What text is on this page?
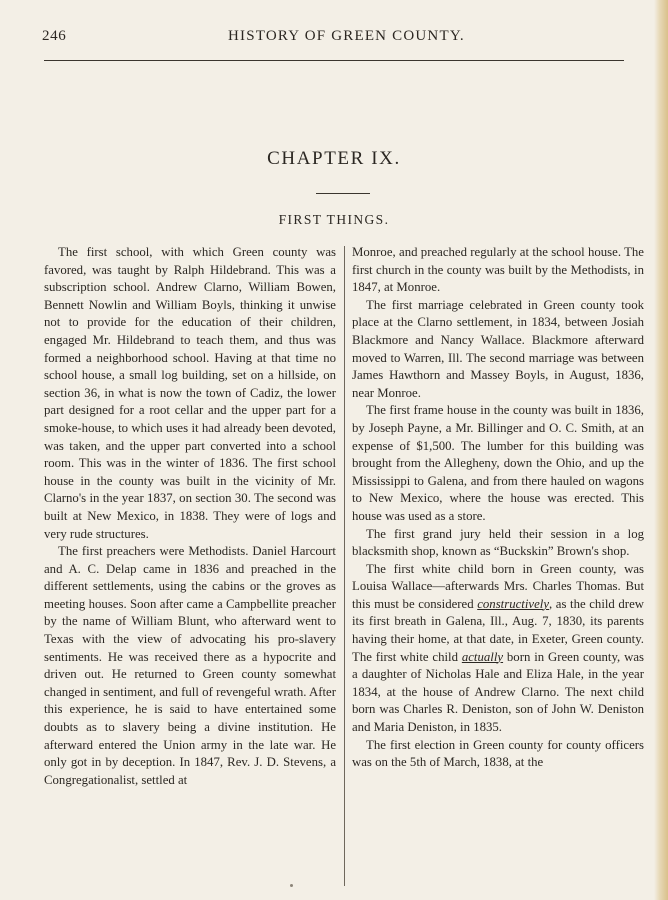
246	HISTORY OF GREEN COUNTY.
CHAPTER IX.
FIRST THINGS.

The first school, with which Green county was favored, was taught by Ralph Hildebrand. This was a subscription school. Andrew Clarno, William Bowen, Bennett Nowlin and William Boyls, thinking it unwise not to provide for the education of their children, engaged Mr. Hildebrand to teach them, and thus was formed a neighborhood school. Having at that time no school house, a small log building, set on a hillside, on section 36, in what is now the town of Cadiz, the lower part designed for a root cellar and the upper part for a smoke-house, to which uses it had already been devoted, was taken, and the upper part converted into a school room. This was in the winter of 1836. The first school house in the county was built in the vicinity of Mr. Clarno's in the year 1837, on section 30. The second was built at New Mexico, in 1838. They were of logs and very rude structures.

The first preachers were Methodists. Daniel Harcourt and A. C. Delap came in 1836 and preached in the different settlements, using the cabins or the groves as meeting houses. Soon after came a Campbellite preacher by the name of William Blunt, who afterward went to Texas with the view of advocating his pro-slavery sentiments. He was received there as a hypocrite and driven out. He returned to Green county somewhat changed in sentiment, and full of revengeful wrath. After this experience, he is said to have entertained some doubts as to slavery being a divine institution. He afterward entered the Union army in the late war. He only got in by deception. In 1847, Rev. J. D. Stevens, a Congregationalist, settled at

Monroe, and preached regularly at the school house. The first church in the county was built by the Methodists, in 1847, at Monroe.

The first marriage celebrated in Green county took place at the Clarno settlement, in 1834, between Josiah Blackmore and Nancy Wallace. Blackmore afterward moved to Warren, Ill. The second marriage was between James Hawthorn and Massey Boyls, in August, 1836, near Monroe.

The first frame house in the county was built in 1836, by Joseph Payne, a Mr. Billinger and O. C. Smith, at an expense of $1,500. The lumber for this building was brought from the Allegheny, down the Ohio, and up the Mississippi to Galena, and from there hauled on wagons to New Mexico, where the house was erected. This house was used as a store.

The first grand jury held their session in a log blacksmith shop, known as “Buckskin” Brown's shop.

The first white child born in Green county, was Louisa Wallace—afterwards Mrs. Charles Thomas. But this must be considered constructively, as the child drew its first breath in Galena, Ill., Aug. 7, 1830, its parents having their home, at that date, in Exeter, Green county. The first white child actually born in Green county, was a daughter of Nicholas Hale and Eliza Hale, in the year 1834, at the house of Andrew Clarno. The next child born was Charles R. Deniston, son of John W. Deniston and Maria Deniston, in 1835.

The first election in Green county for county officers was on the 5th of March, 1838, at the
